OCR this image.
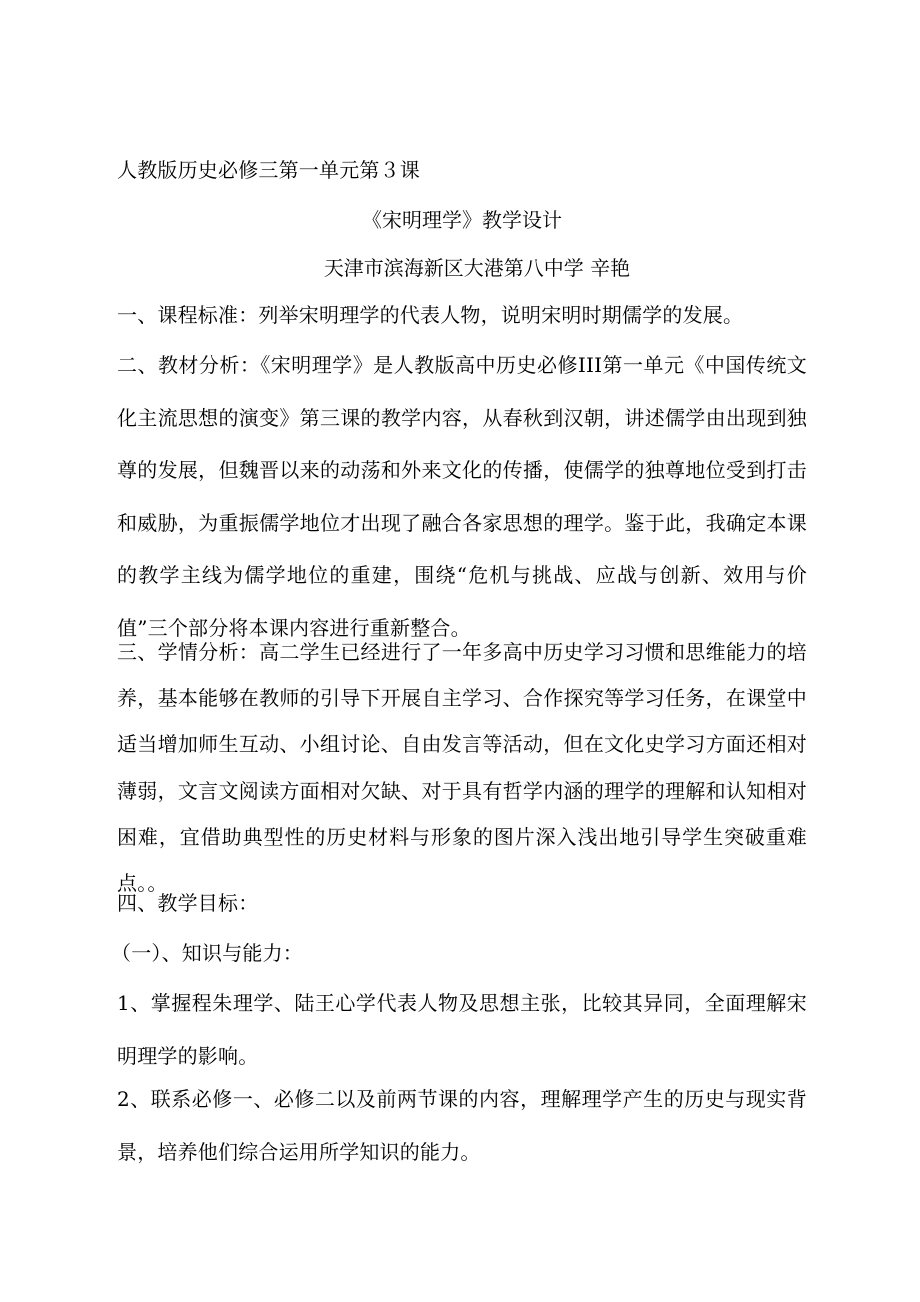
人教版历史必修三第一单元第３课
《宋明理学》教学设计
天津市滨海新区大港第八中学 辛艳
一、课程标准：列举宋明理学的代表人物，说明宋明时期儒学的发展。
二、教材分析：《宋明理学》是人教版高中历史必修III第一单元《中国传统文化主流思想的演变》第三课的教学内容，从春秋到汉朝，讲述儒学由出现到独尊的发展，但魏晋以来的动荡和外来文化的传播，使儒学的独尊地位受到打击和威胁，为重振儒学地位才出现了融合各家思想的理学。鉴于此，我确定本课的教学主线为儒学地位的重建，围绕“危机与挑战、应战与创新、效用与价值”三个部分将本课内容进行重新整合。
三、学情分析：高二学生已经进行了一年多高中历史学习习惯和思维能力的培养，基本能够在教师的引导下开展自主学习、合作探究等学习任务，在课堂中适当增加师生互动、小组讨论、自由发言等活动，但在文化史学习方面还相对薄弱，文言文阅读方面相对欠缺、对于具有哲学内涵的理学的理解和认知相对困难，宜借助典型性的历史材料与形象的图片深入浅出地引导学生突破重难点。。
四、教学目标：
（一）、知识与能力：
1、掌握程朱理学、陆王心学代表人物及思想主张，比较其异同，全面理解宋明理学的影响。
2、联系必修一、必修二以及前两节课的内容，理解理学产生的历史与现实背景，培养他们综合运用所学知识的能力。
